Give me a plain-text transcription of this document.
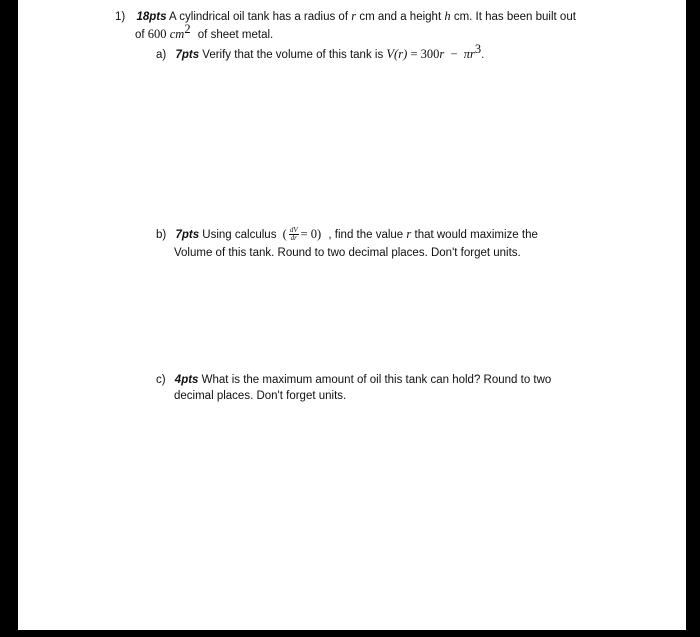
1) 18pts A cylindrical oil tank has a radius of r cm and a height h cm. It has been built out
of 600 $cm^2$ of sheet metal.
a) 7pts Verify that the volume of this tank is $V(r) = 300r - \pi r^3$.
b) 7pts Using calculus ( $\frac{dV}{dr} = 0$) , find the value r that would maximize the
Volume of this tank. Round to two decimal places. Don't forget units.
c) 4pts What is the maximum amount of oil this tank can hold? Round to two
decimal places. Don't forget units.
